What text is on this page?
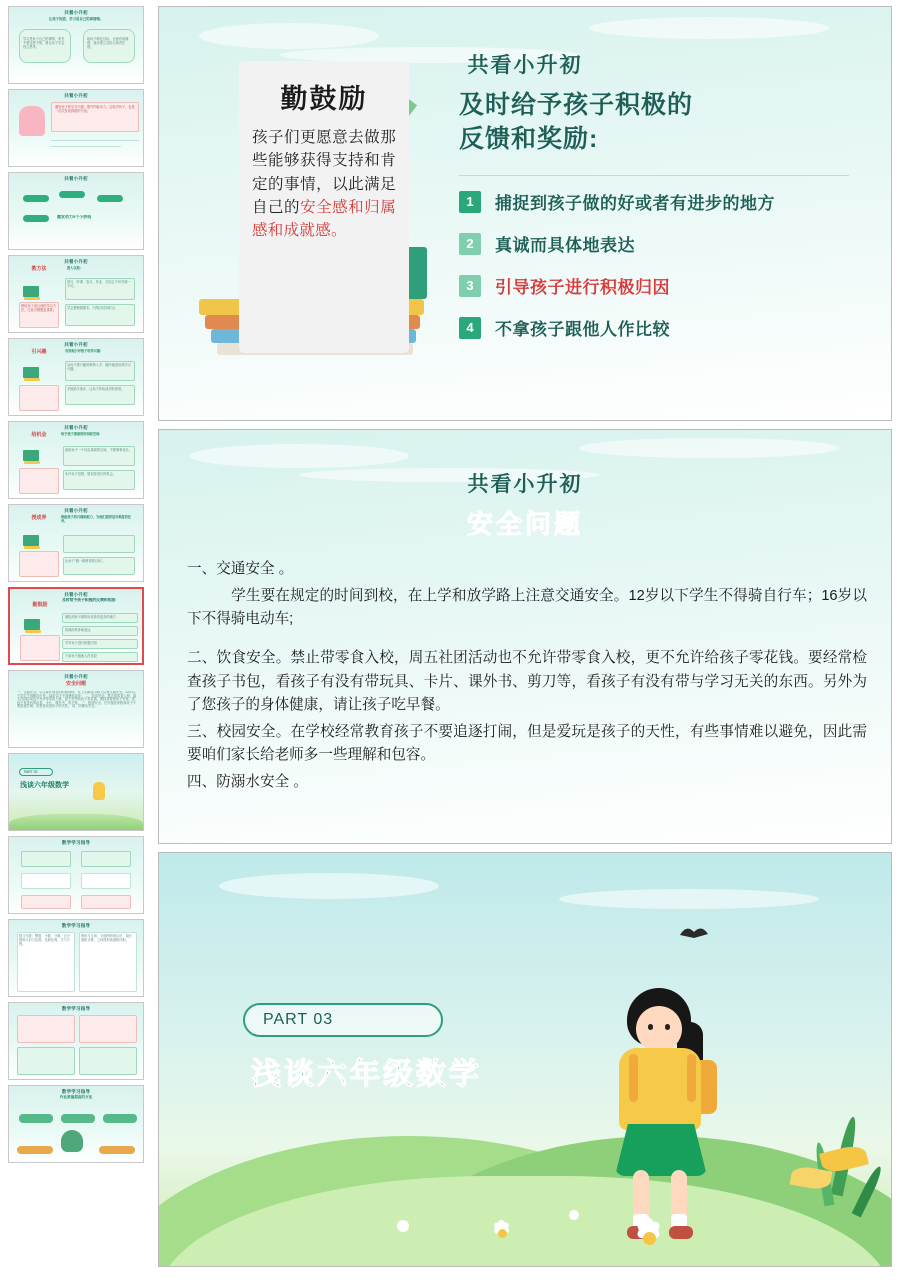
共看小升初
让孩子知道，学习是自己的事情哦。
学习是孩子自己的事情，家长不要过度干预，要让孩子学会独立思考。
给孩子制定目标，让他有成就感，逐步建立自信心和责任感。
共看小升初
激发孩子的学习兴趣，提升内驱动力，这取决孩子，也是一次次发现真相的兴奋。
共看小升初
激发动力5个小妙招
共看小升初
教方法	授人以渔：
教给孩子适合他的学习方法，比盲目刷题更重要。
预习、听课、复习、作业、总结五个环节缺一不可。
学会整理错题本，归纳总结知识点。
共看小升初
引兴趣	有效地引导孩子培养兴趣:
从孩子感兴趣的事物入手，循序渐进培养学习兴趣。
多鼓励少批评，让孩子体验成功的喜悦。
共看小升初
给机会	给予孩子探索的时间和空间:
留给孩子一个自由探索的空间，不要事事包办。
允许孩子犯错，错误是成长的机会。
共看小升初
授成界	根据孩子的兴趣和能力，为他们提供适当难度的任务。
让孩子"跳一跳够得着目标"。
共看小升初
勤鼓励
及时给予孩子积极的反馈和奖励:
捕捉到孩子做的好或者有进步的地方
真诚而具体地表达
引导孩子进行积极归因
不拿孩子跟他人作比较
共看小升初
安全问题
一、交通安全。学生要在规定的时间到校，在上学和放学路上注意交通安全。12岁以下学生不得骑自行车；16岁以下不得骑电动车； 二、饮食安全。禁止带零食入校，周五社团活动也不允许带零食入校，更不允许给孩子零花钱。要经常检查孩子书包，看孩子有没有带玩具、卡片、课外书、剪刀等。 三、校园安全。在学校经常教育孩子不要追逐打闹，但是爱玩是孩子的天性。 四、防溺水安全。
PART 03
浅谈六年级数学
数学学习指导
数学学习指导
数与代数：整数、小数、分数、百分数的认识与运算，比和比例，式与方程。
图形与几何：平面图形的认识、周长面积计算，立体图形表面积体积。
数学学习指导
数学学习指导
作业质量提高的方法
共看小升初
及时给予孩子积极的
反馈和奖励:
1	捕捉到孩子做的好或者有进步的地方
2	真诚而具体地表达
3	引导孩子进行积极归因
4	不拿孩子跟他人作比较
勤鼓励

孩子们更愿意去做那些能够获得支持和肯定的事情，以此满足自己的安全感和归属感和成就感。

共看小升初
安全问题

一、交通安全 。

　　　学生要在规定的时间到校，在上学和放学路上注意交通安全。12岁以下学生不得骑自行车；16岁以下不得骑电动车;

二、饮食安全。禁止带零食入校，周五社团活动也不允许带零食入校，更不允许给孩子零花钱。要经常检查孩子书包，看孩子有没有带玩具、卡片、课外书、剪刀等，看孩子有没有带与学习无关的东西。另外为了您孩子的身体健康，请让孩子吃早餐。

三、校园安全。在学校经常教育孩子不要追逐打闹，但是爱玩是孩子的天性，有些事情难以避免，因此需要咱们家长给老师多一些理解和包容。

四、防溺水安全 。

PART 03
浅谈六年级数学
